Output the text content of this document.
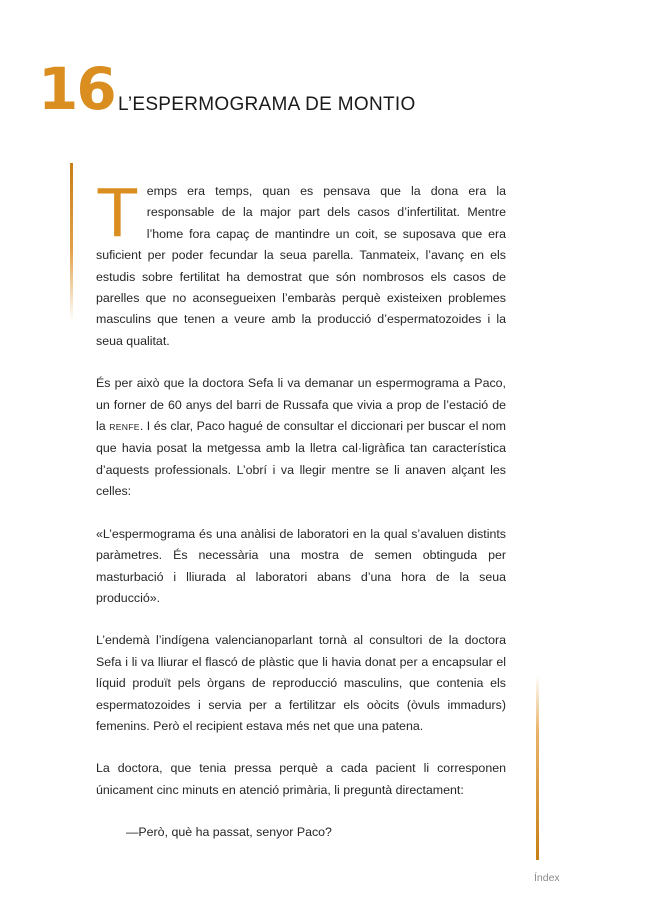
16 L’ESPERMOGRAMA DE MONTIO

Temps era temps, quan es pensava que la dona era la responsable de la major part dels casos d’infertilitat. Mentre l’home fora capaç de mantindre un coit, se suposava que era suficient per poder fecundar la seua parella. Tanmateix, l’avanç en els estudis sobre fertilitat ha demostrat que són nombrosos els casos de parelles que no aconsegueixen l’embaràs perquè existeixen problemes masculins que tenen a veure amb la producció d’espermatozoides i la seua qualitat.

És per això que la doctora Sefa li va demanar un espermograma a Paco, un forner de 60 anys del barri de Russafa que vivia a prop de l’estació de la RENFE. I és clar, Paco hagué de consultar el diccionari per buscar el nom que havia posat la metgessa amb la lletra cal·ligràfica tan característica d’aquests professionals. L’obrí i va llegir mentre se li anaven alçant les celles:

«L’espermograma és una anàlisi de laboratori en la qual s’avaluen distints paràmetres. És necessària una mostra de semen obtinguda per masturbació i lliurada al laboratori abans d’una hora de la seua producció».

L’endemà l’indígena valencianoparlant tornà al consultori de la doctora Sefa i li va lliurar el flascó de plàstic que li havia donat per a encapsular el líquid produït pels òrgans de reproducció masculins, que contenia els espermatozoides i servia per a fertilitzar els oòcits (òvuls immadurs) femenins. Però el recipient estava més net que una patena.

La doctora, que tenia pressa perquè a cada pacient li corresponen únicament cinc minuts en atenció primària, li preguntà directament:

—Però, què ha passat, senyor Paco?

Índex
